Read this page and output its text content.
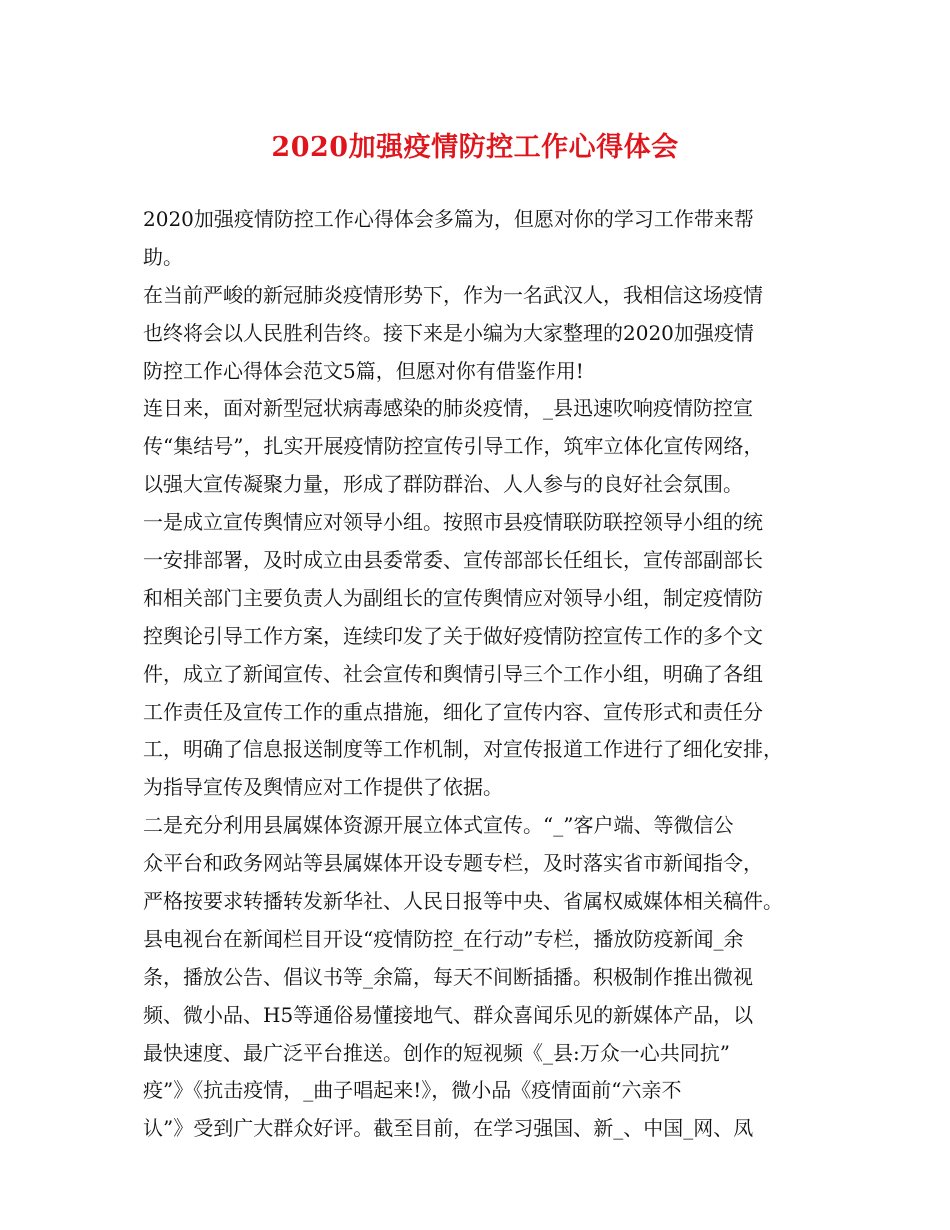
2020加强疫情防控工作心得体会
2020加强疫情防控工作心得体会多篇为，但愿对你的学习工作带来帮
助。
在当前严峻的新冠肺炎疫情形势下，作为一名武汉人，我相信这场疫情
也终将会以人民胜利告终。接下来是小编为大家整理的2020加强疫情
防控工作心得体会范文5篇，但愿对你有借鉴作用!
连日来，面对新型冠状病毒感染的肺炎疫情，_县迅速吹响疫情防控宣
传“集结号”，扎实开展疫情防控宣传引导工作，筑牢立体化宣传网络，
以强大宣传凝聚力量，形成了群防群治、人人参与的良好社会氛围。
一是成立宣传舆情应对领导小组。按照市县疫情联防联控领导小组的统
一安排部署，及时成立由县委常委、宣传部部长任组长，宣传部副部长
和相关部门主要负责人为副组长的宣传舆情应对领导小组，制定疫情防
控舆论引导工作方案，连续印发了关于做好疫情防控宣传工作的多个文
件，成立了新闻宣传、社会宣传和舆情引导三个工作小组，明确了各组
工作责任及宣传工作的重点措施，细化了宣传内容、宣传形式和责任分
工，明确了信息报送制度等工作机制，对宣传报道工作进行了细化安排，
为指导宣传及舆情应对工作提供了依据。
二是充分利用县属媒体资源开展立体式宣传。“_”客户端、等微信公
众平台和政务网站等县属媒体开设专题专栏，及时落实省市新闻指令，
严格按要求转播转发新华社、人民日报等中央、省属权威媒体相关稿件。
县电视台在新闻栏目开设“疫情防控_在行动”专栏，播放防疫新闻_余
条，播放公告、倡议书等_余篇，每天不间断插播。积极制作推出微视
频、微小品、H5等通俗易懂接地气、群众喜闻乐见的新媒体产品，以
最快速度、最广泛平台推送。创作的短视频《_县:万众一心共同抗”
疫”》《抗击疫情，_曲子唱起来!》，微小品《疫情面前“六亲不
认”》受到广大群众好评。截至目前，在学习强国、新_、中国_网、凤
